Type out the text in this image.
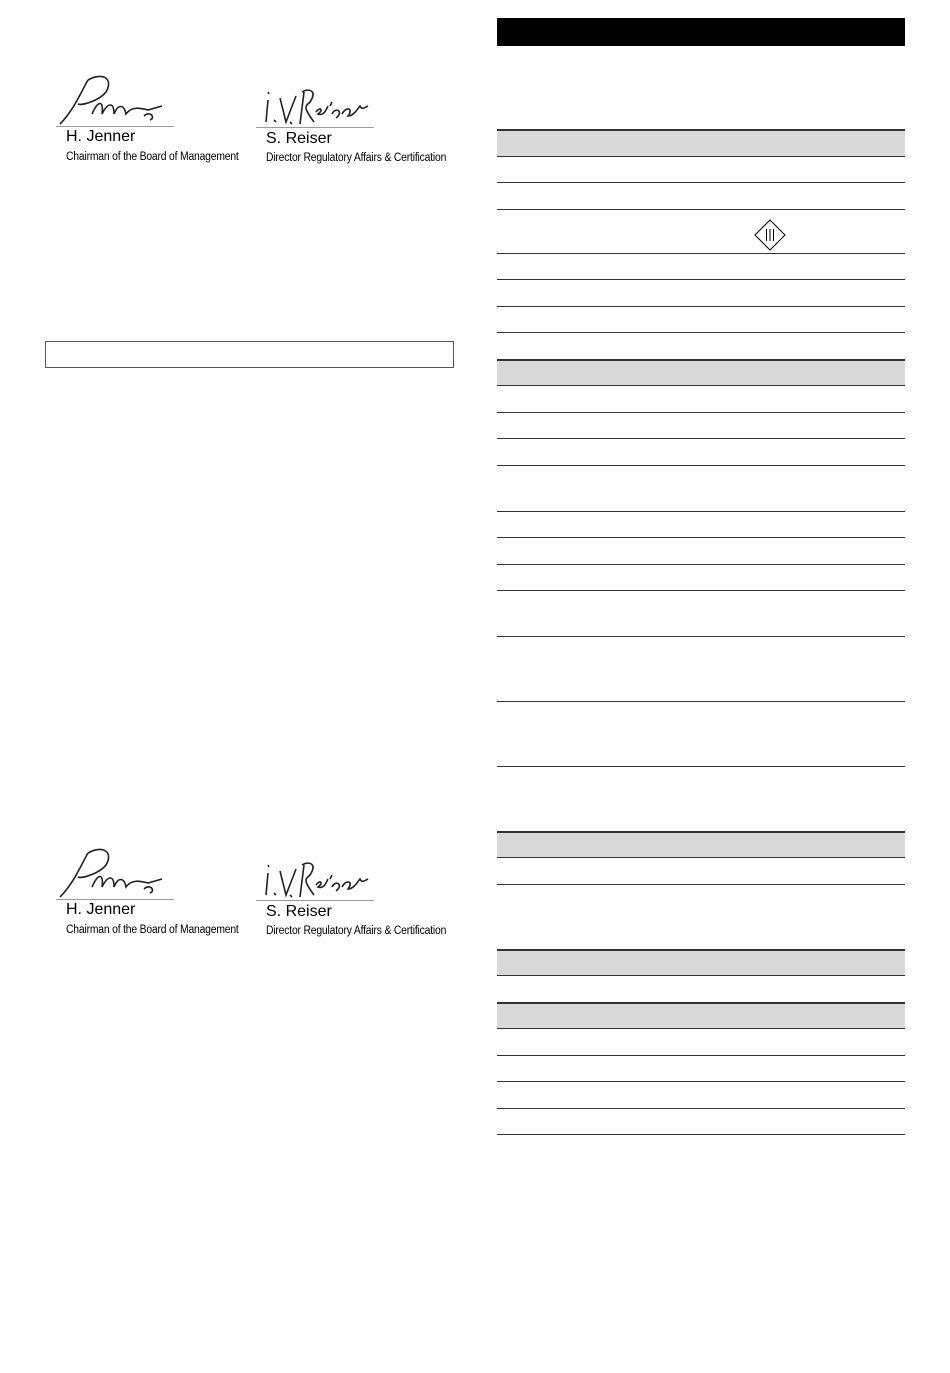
H. Jenner
Chairman of the Board of Management
S. Reiser
Director Regulatory Affairs & Certification
H. Jenner
Chairman of the Board of Management
S. Reiser
Director Regulatory Affairs & Certification
